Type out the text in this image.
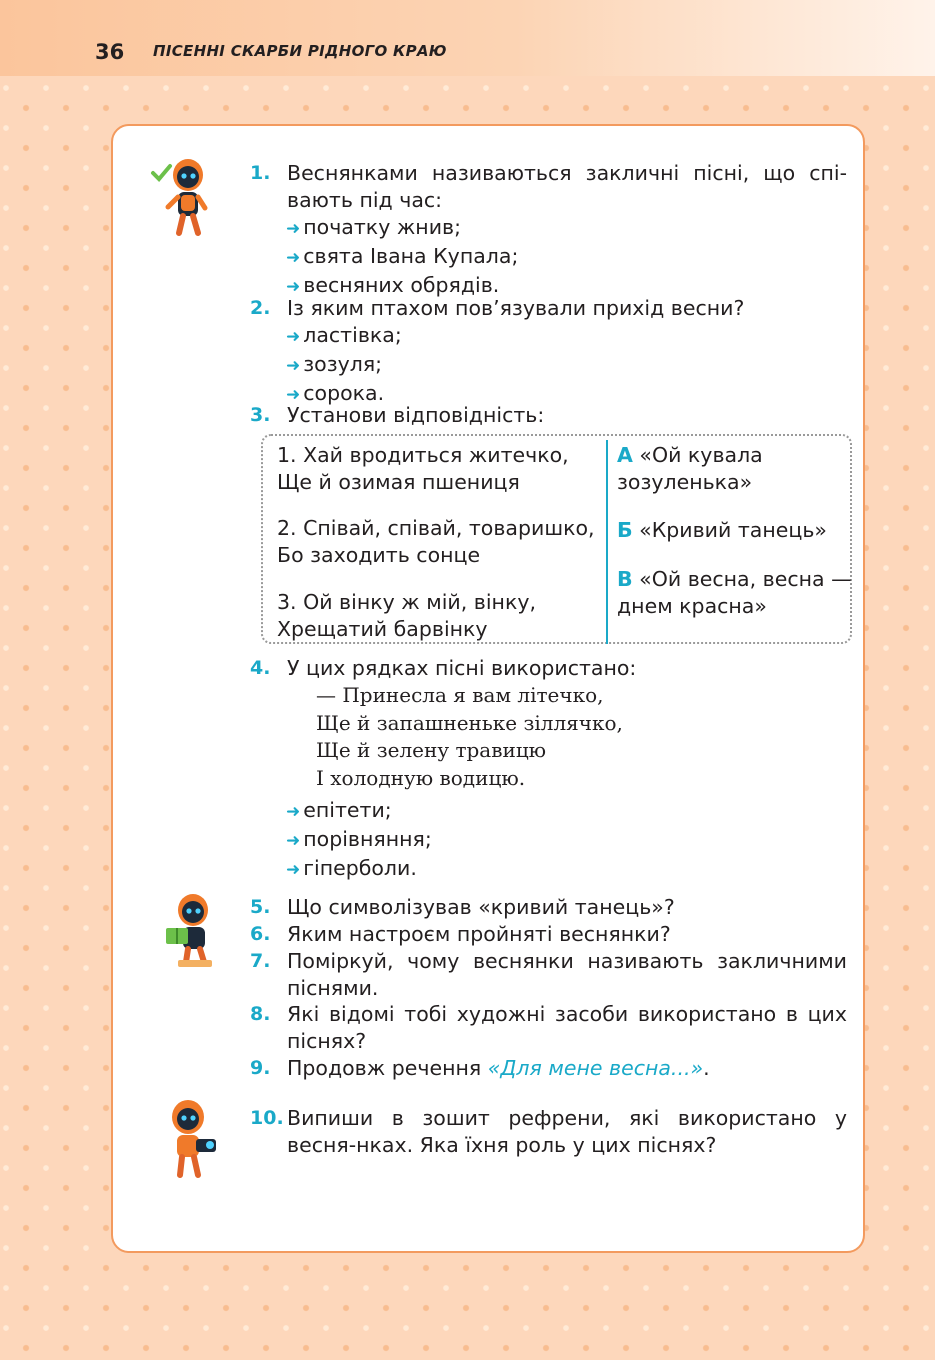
36 ПІСЕННІ СКАРБИ РІДНОГО КРАЮ
1. Веснянками називаються закличні пісні, що спі-вають під час:
➜ початку жнив;
➜ свята Івана Купала;
➜ весняних обрядів.
2. Із яким птахом пов’язували прихід весни?
➜ ластівка;
➜ зозуля;
➜ сорока.
3. Установи відповідність:
1. Хай вродиться житечко,
Ще й озимая пшениця
2. Співай, співай, товаришко,
Бо заходить сонце
3. Ой вінку ж мій, вінку,
Хрещатий барвінку
А «Ой кувала
зозуленька»
Б «Кривий танець»
В «Ой весна, весна —
днем красна»
4. У цих рядках пісні використано:
— Принесла я вам літечко,
Ще й запашненьке зіллячко,
Ще й зелену травицю
І холодную водицю.
➜ епітети;
➜ порівняння;
➜ гіперболи.
5. Що символізував «кривий танець»?
6. Яким настроєм пройняті веснянки?
7. Поміркуй, чому веснянки називають закличними піснями.
8. Які відомі тобі художні засоби використано в цих піснях?
9. Продовж речення «Для мене весна...».
10. Випиши в зошит рефрени, які використано у весня-нках. Яка їхня роль у цих піснях?
